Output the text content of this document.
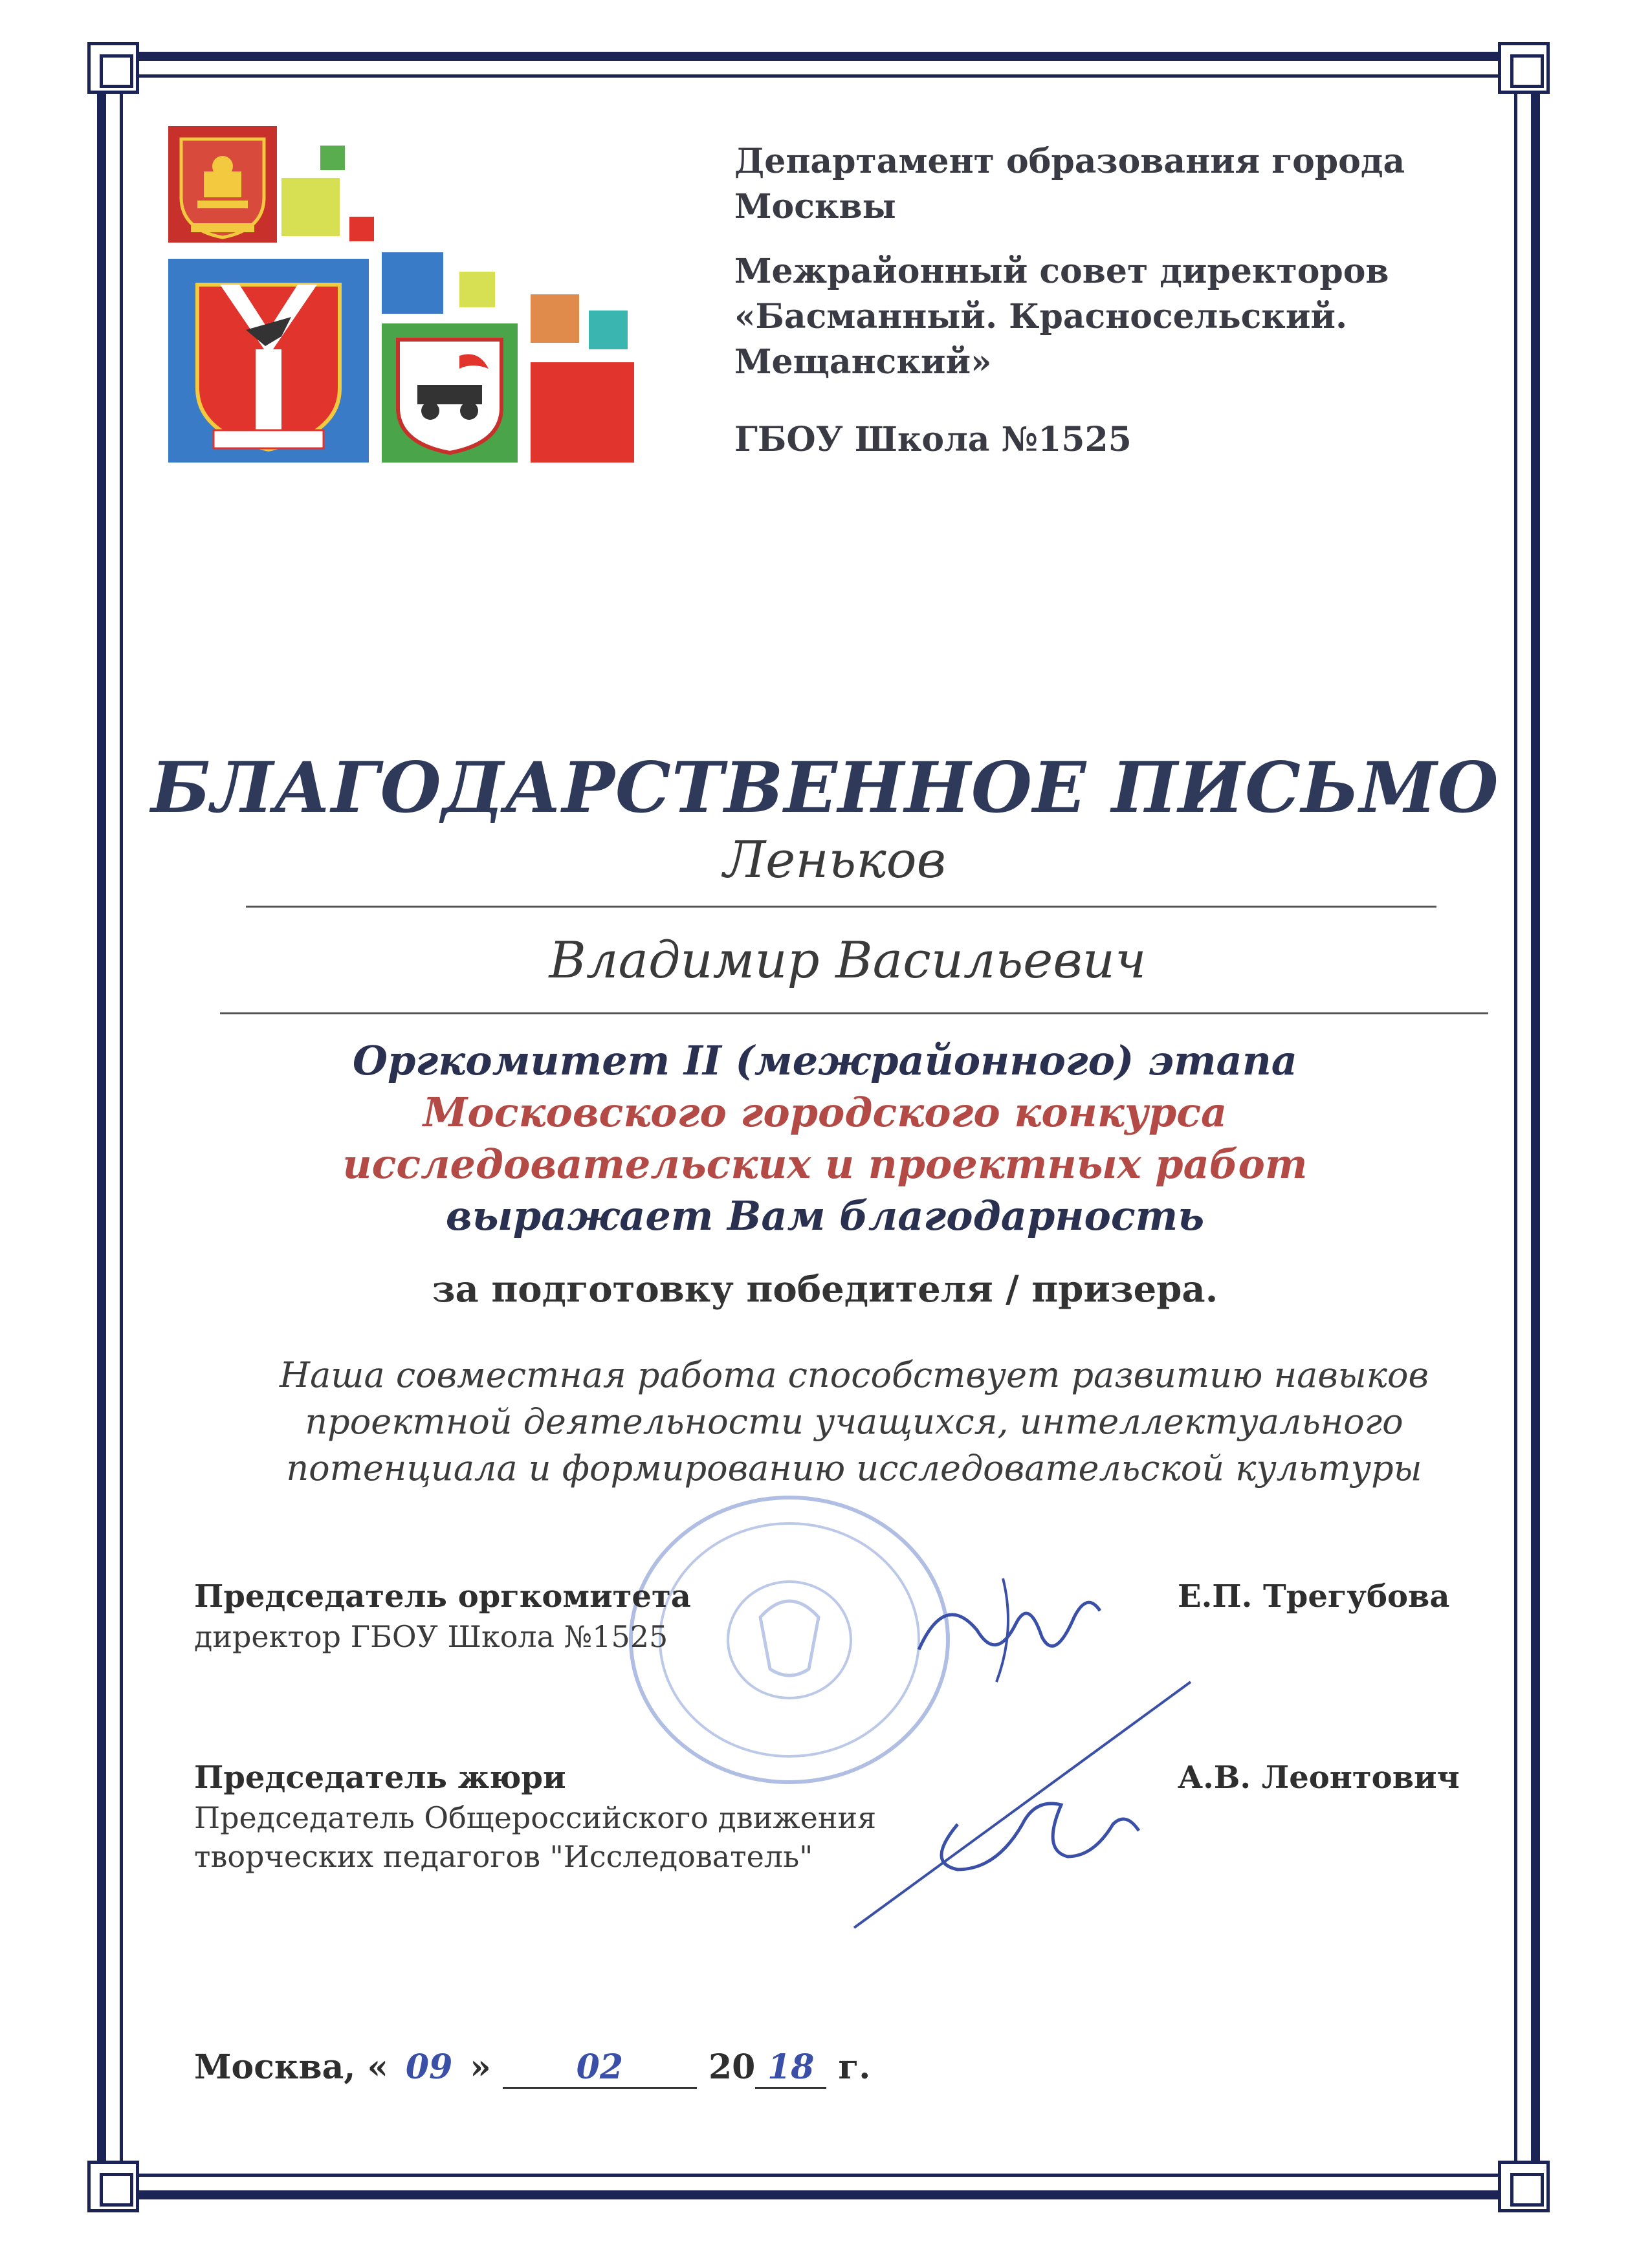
Департамент образования города
Москвы
Межрайонный совет директоров
«Басманный. Красносельский.
Мещанский»
ГБОУ Школа №1525
БЛАГОДАРСТВЕННОЕ ПИСЬМО
Леньков
Владимир Васильевич
Оргкомитет II (межрайонного) этапа
Московского городского конкурса
исследовательских и проектных работ
выражает Вам благодарность
за подготовку победителя / призера.
Наша совместная работа способствует развитию навыков
проектной деятельности учащихся, интеллектуального
потенциала и формированию исследовательской культуры
Председатель оргкомитета
директор ГБОУ Школа №1525
Е.П. Трегубова
Председатель жюри
Председатель Общероссийского движения
творческих педагогов "Исследователь"
А.В. Леонтович
Москва, « 09 »	02	20 18 г.
